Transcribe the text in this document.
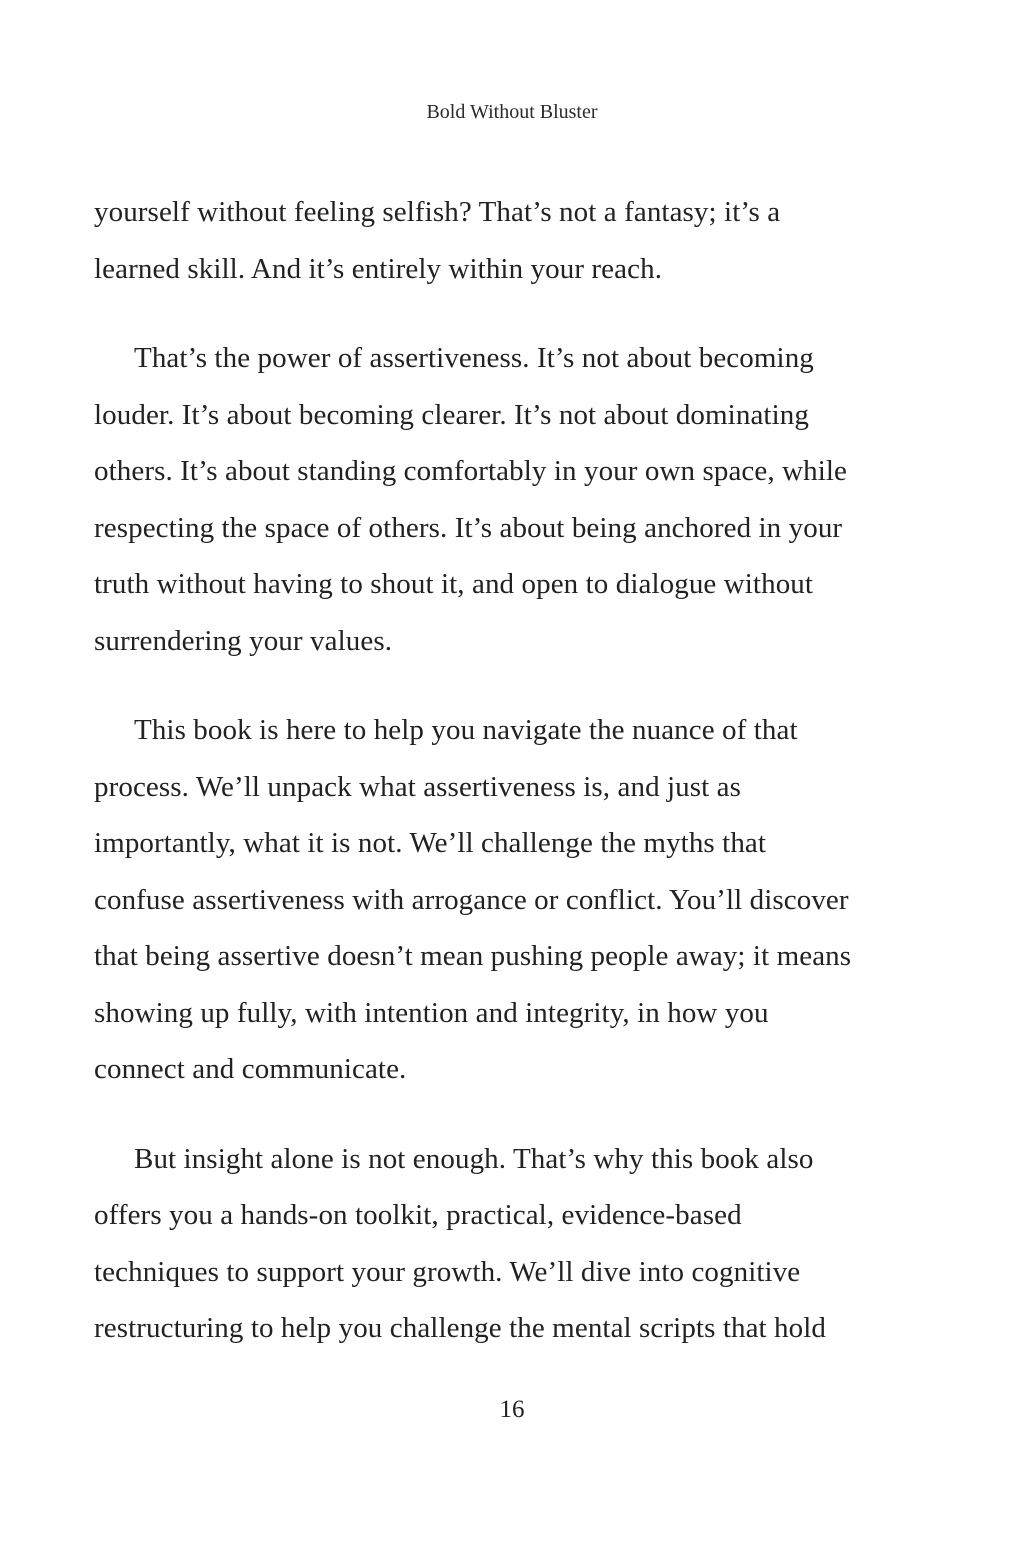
Bold Without Bluster
yourself without feeling selfish? That’s not a fantasy; it’s a
learned skill. And it’s entirely within your reach.
That’s the power of assertiveness. It’s not about becoming
louder. It’s about becoming clearer. It’s not about dominating
others. It’s about standing comfortably in your own space, while
respecting the space of others. It’s about being anchored in your
truth without having to shout it, and open to dialogue without
surrendering your values.
This book is here to help you navigate the nuance of that
process. We’ll unpack what assertiveness is, and just as
importantly, what it is not. We’ll challenge the myths that
confuse assertiveness with arrogance or conflict. You’ll discover
that being assertive doesn’t mean pushing people away; it means
showing up fully, with intention and integrity, in how you
connect and communicate.
But insight alone is not enough. That’s why this book also
offers you a hands-on toolkit, practical, evidence-based
techniques to support your growth. We’ll dive into cognitive
restructuring to help you challenge the mental scripts that hold
16
